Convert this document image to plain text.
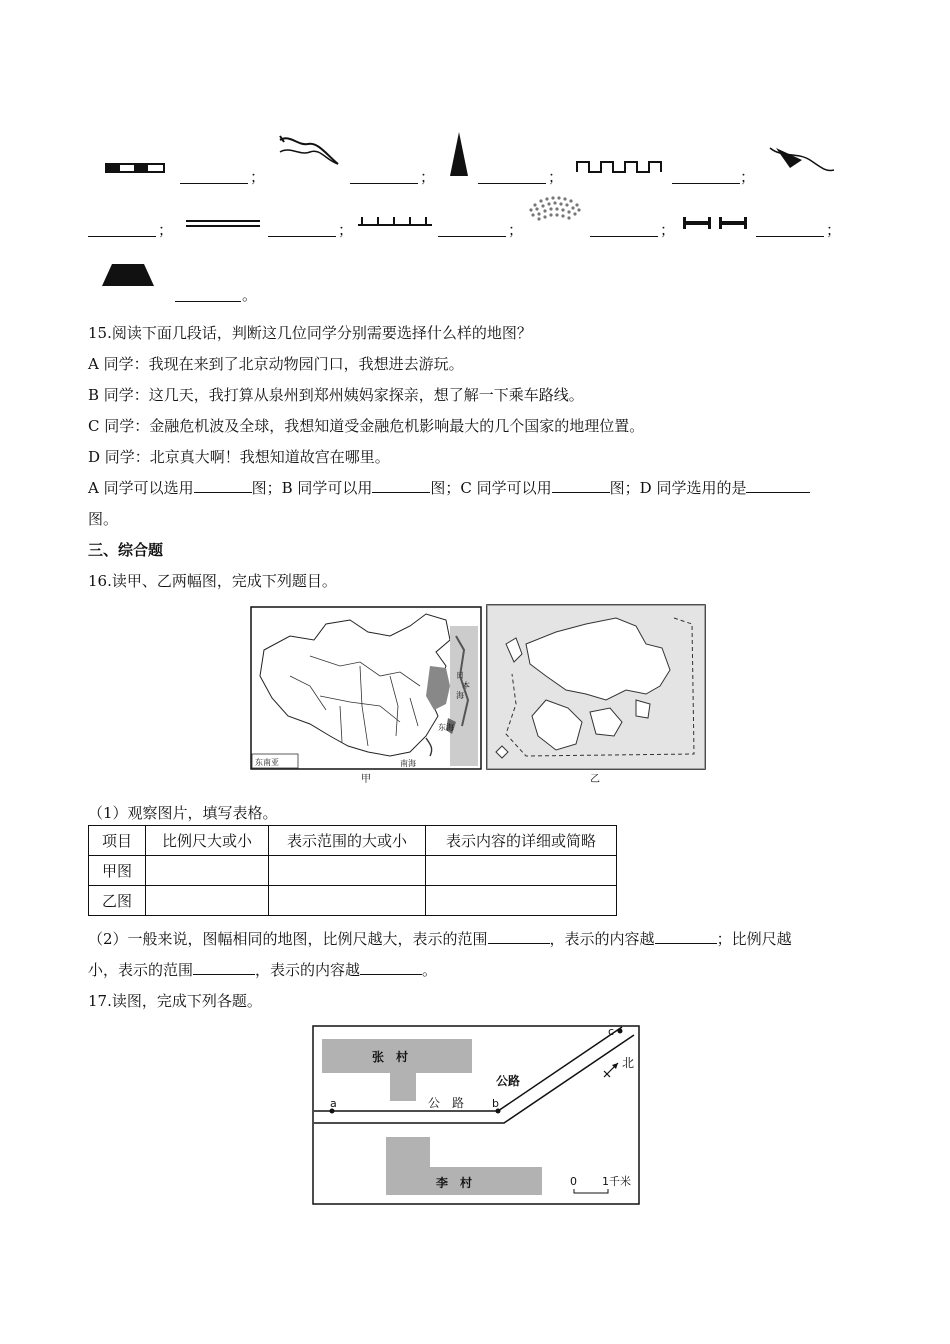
；	；	；	；
；	；	；	；	；
。
15.阅读下面几段话，判断这几位同学分别需要选择什么样的地图？
A 同学：我现在来到了北京动物园门口，我想进去游玩。
B 同学：这几天，我打算从泉州到郑州姨妈家探亲，想了解一下乘车路线。
C 同学：金融危机波及全球，我想知道受金融危机影响最大的几个国家的地理位置。
D 同学：北京真大啊！我想知道故宫在哪里。
A 同学可以选用	图；B 同学可以用	图；C 同学可以用	图；D 同学选用的是
图。
三、综合题
16.读甲、乙两幅图，完成下列题目。
东南亚
日
本
海
东 海
南海
甲	乙
（1）观察图片，填写表格。
项目	比例尺大或小	表示范围的大或小	表示内容的详细或简略
甲图			
乙图			
（2）一般来说，图幅相同的地图，比例尺越大，表示的范围	，表示的内容越	；比例尺越
小，表示的范围	，表示的内容越	。
17.读图，完成下列各题。
a	b
c
张　村
李　村
公　路
公路
北
0 1千米
